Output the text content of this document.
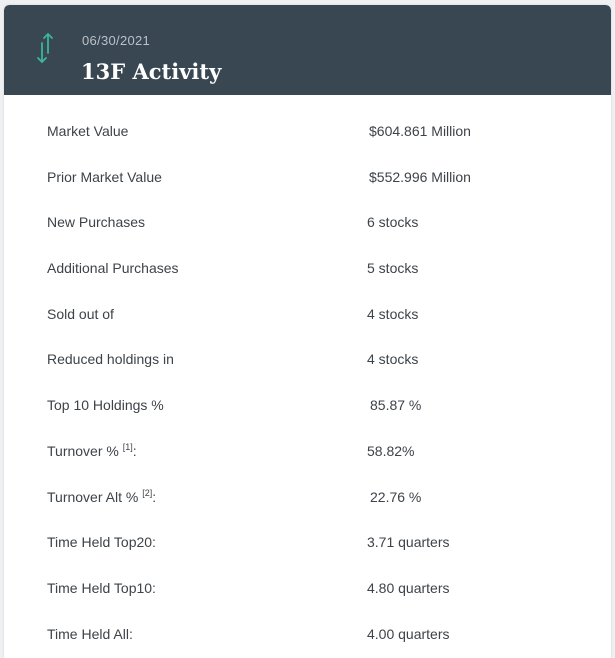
06/30/2021
13F Activity
Market Value	$604.861 Million
Prior Market Value	$552.996 Million
New Purchases	6 stocks
Additional Purchases	5 stocks
Sold out of	4 stocks
Reduced holdings in	4 stocks
Top 10 Holdings %	85.87 %
Turnover % [1]:	58.82%
Turnover Alt % [2]:	22.76 %
Time Held Top20:	3.71 quarters
Time Held Top10:	4.80 quarters
Time Held All:	4.00 quarters
